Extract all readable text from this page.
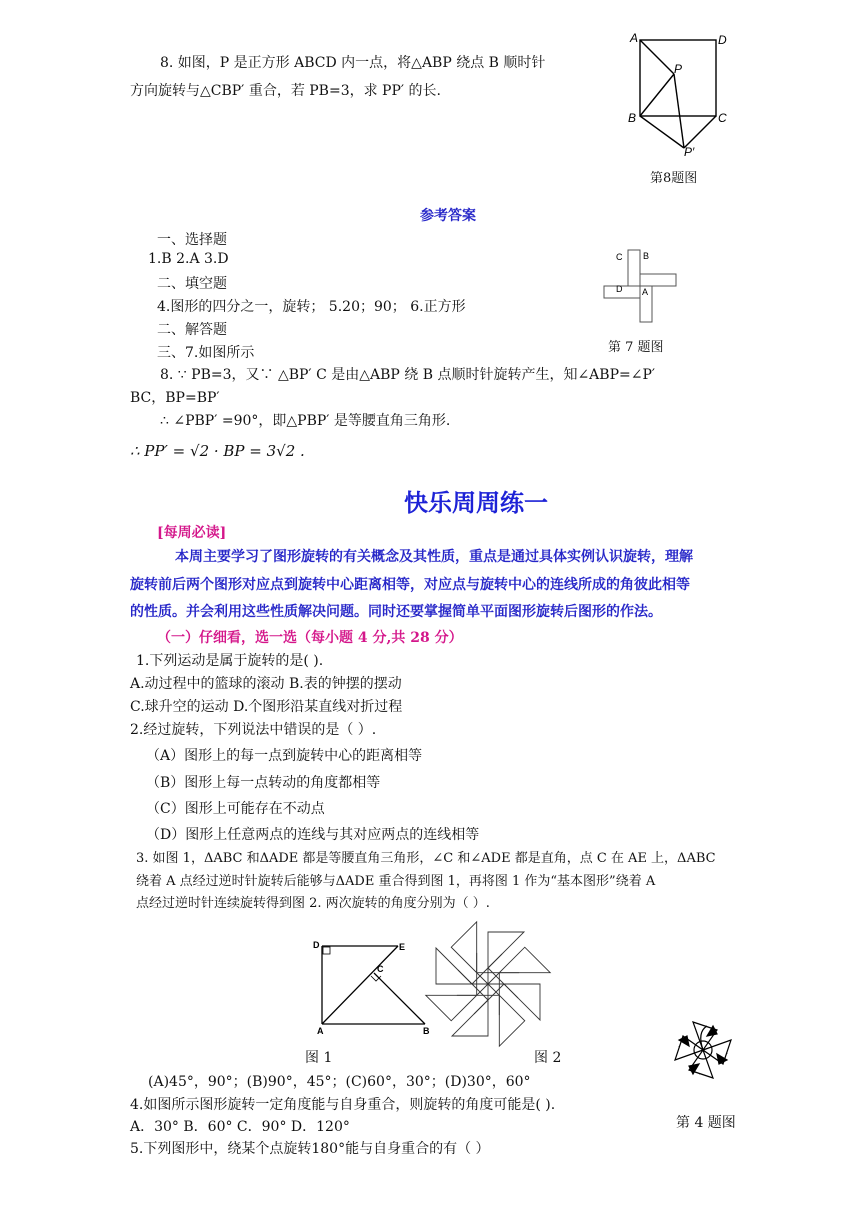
8. 如图，P 是正方形 ABCD 内一点，将△ABP 绕点 B 顺时针
方向旋转与△CBP′ 重合，若 PB=3，求 PP′ 的长.
A	D
P
B	C
P′
第8题图
参考答案
一、选择题
1.B 2.A 3.D
二、填空题
4.图形的四分之一，旋转； 5.20；90； 6.正方形
二、解答题
三、7.如图所示
8. ∵ PB=3，又∵ △BP′ C 是由△ABP 绕 B 点顺时针旋转产生，知∠ABP=∠P′
BC，BP=BP′
∴ ∠PBP′ =90°，即△PBP′ 是等腰直角三角形.
∴ PP′ = √2 · BP = 3√2 .
C B
D A
第 7 题图
快乐周周练一
[每周必读]
本周主要学习了图形旋转的有关概念及其性质，重点是通过具体实例认识旋转，理解
旋转前后两个图形对应点到旋转中心距离相等，对应点与旋转中心的连线所成的角彼此相等
的性质。并会利用这些性质解决问题。同时还要掌握简单平面图形旋转后图形的作法。
（一）仔细看，选一选（每小题 4 分,共 28 分）
1.下列运动是属于旋转的是( ).
A.动过程中的篮球的滚动 B.表的钟摆的摆动
C.球升空的运动 D.个图形沿某直线对折过程
2.经过旋转，下列说法中错误的是（ ）.
（A）图形上的每一点到旋转中心的距离相等
（B）图形上每一点转动的角度都相等
（C）图形上可能存在不动点
（D）图形上任意两点的连线与其对应两点的连线相等
3. 如图 1，ΔABC 和ΔADE 都是等腰直角三角形，∠C 和∠ADE 都是直角，点 C 在 AE 上，ΔABC
绕着 A 点经过逆时针旋转后能够与ΔADE 重合得到图 1，再将图 1 作为“基本图形”绕着 A
点经过逆时针连续旋转得到图 2. 两次旋转的角度分别为（ ）.
D	E
C
A	B
图 1	图 2
(A)45°，90°；(B)90°，45°；(C)60°，30°；(D)30°，60°
4.如图所示图形旋转一定角度能与自身重合，则旋转的角度可能是( ).
A．30° B．60° C．90° D．120°	第 4 题图
5.下列图形中，绕某个点旋转180°能与自身重合的有（ ）
